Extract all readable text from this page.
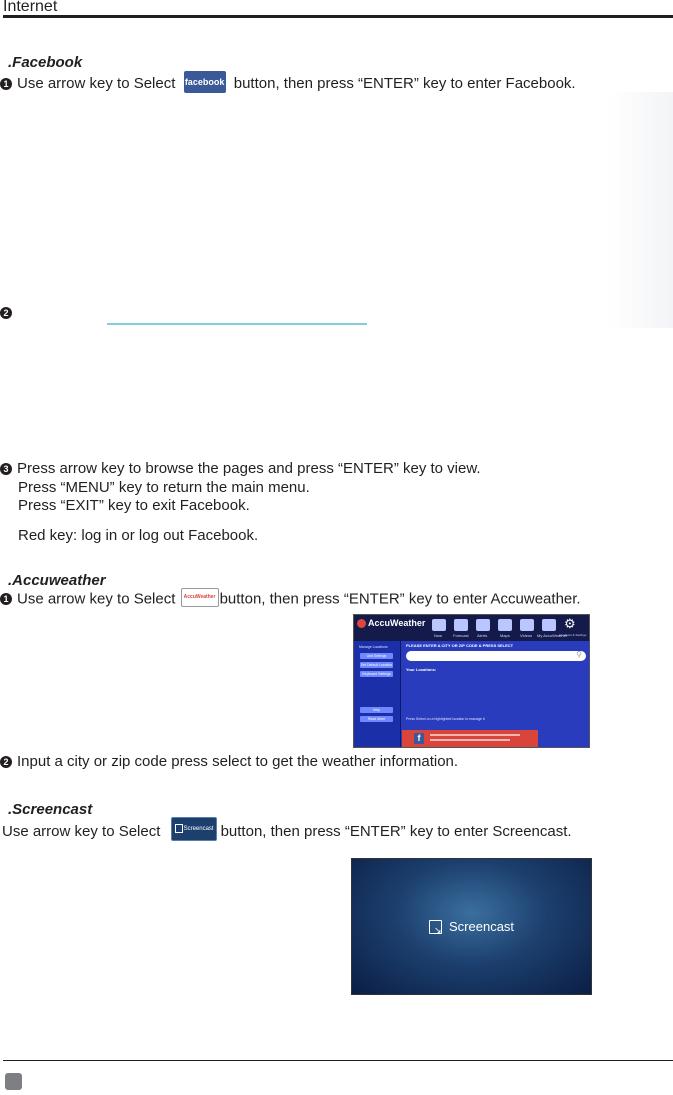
Internet
.Facebook
1 Use arrow key to Select facebook button, then press “ENTER” key to enter Facebook.
2
3 Press arrow key to browse the pages and press “ENTER” key to view.
Press “MENU” key to return the main menu.
Press “EXIT” key to exit Facebook.
Red key: log in or log out Facebook.
.Accuweather
1 Use arrow key to Select	AccuWeather button, then press “ENTER” key to enter Accuweather.
AccuWeather
Now	Forecast Alerts	Maps	Videos My AccuWeather
⚙
Locations & Settings
Manage Locations
Unit Settings
Set Default Location
Keyboard Settings
Help
Read More
PLEASE ENTER A CITY OR ZIP CODE & PRESS SELECT
⚲
Your Locations:
Press Select on a highlighted location to manage it
f
2 Input a city or zip code press select to get the weather information.
.Screencast
Use arrow key to Select	Screencast button, then press “ENTER” key to enter Screencast.
↘ Screencast
